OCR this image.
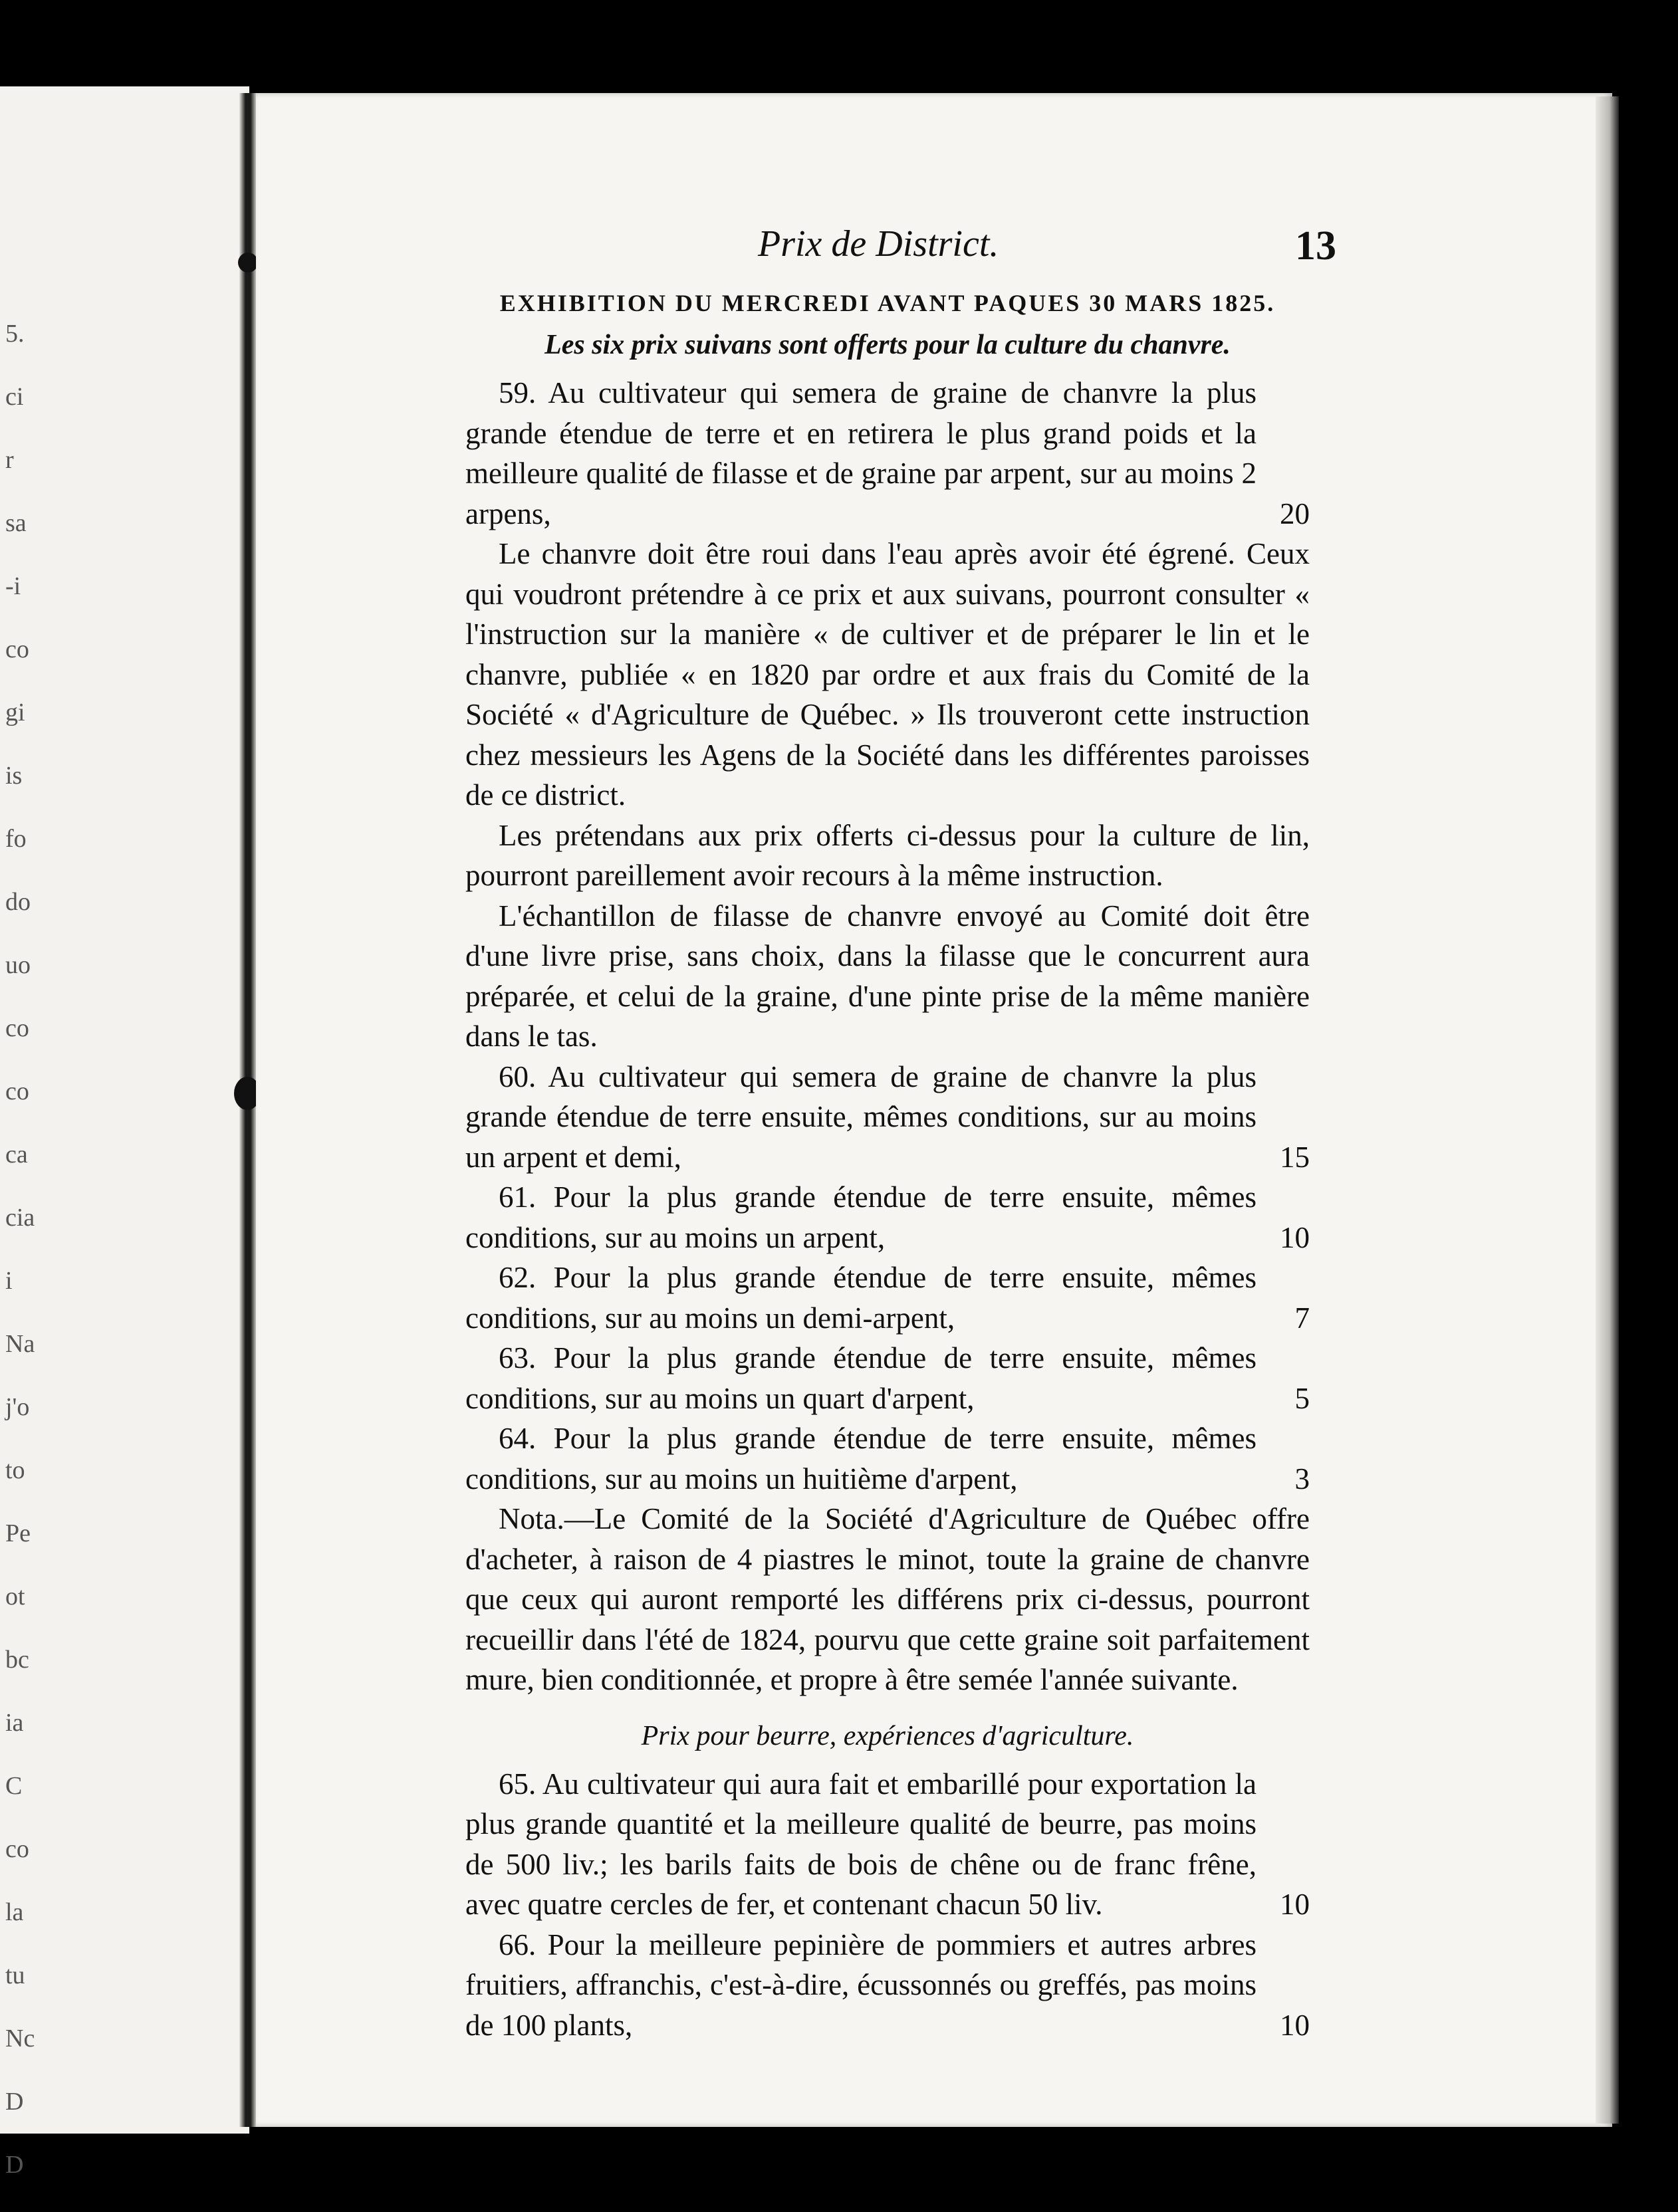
5.
ci
r
sa
-i
co
gi
is
fo
do
uo
co
co
ca
cia
i
Na
j'o
to
Pe
ot
bc
ia
C
co
la
tu
Nc
D
D
Prix de District.	13
EXHIBITION DU MERCREDI AVANT PAQUES 30 MARS 1825.
Les six prix suivans sont offerts pour la culture du chanvre.
59. Au cultivateur qui semera de graine de chanvre la plus grande étendue de terre et en retirera le plus grand poids et la meilleure qualité de filasse et de graine par arpent, sur au moins 2 arpens,	20

Le chanvre doit être roui dans l'eau après avoir été égrené. Ceux qui voudront prétendre à ce prix et aux suivans, pourront consulter « l'instruction sur la manière « de cultiver et de préparer le lin et le chanvre, publiée « en 1820 par ordre et aux frais du Comité de la Société « d'Agriculture de Québec. » Ils trouveront cette instruction chez messieurs les Agens de la Société dans les différentes paroisses de ce district.

Les prétendans aux prix offerts ci-dessus pour la culture de lin, pourront pareillement avoir recours à la même instruction.

L'échantillon de filasse de chanvre envoyé au Comité doit être d'une livre prise, sans choix, dans la filasse que le concurrent aura préparée, et celui de la graine, d'une pinte prise de la même manière dans le tas.

60. Au cultivateur qui semera de graine de chanvre la plus grande étendue de terre ensuite, mêmes conditions, sur au moins un arpent et demi,	15
61. Pour la plus grande étendue de terre ensuite, mêmes conditions, sur au moins un arpent,	10
62. Pour la plus grande étendue de terre ensuite, mêmes conditions, sur au moins un demi-arpent,	7
63. Pour la plus grande étendue de terre ensuite, mêmes conditions, sur au moins un quart d'arpent,	5
64. Pour la plus grande étendue de terre ensuite, mêmes conditions, sur au moins un huitième d'arpent,	3

Nota.—Le Comité de la Société d'Agriculture de Québec offre d'acheter, à raison de 4 piastres le minot, toute la graine de chanvre que ceux qui auront remporté les différens prix ci-dessus, pourront recueillir dans l'été de 1824, pourvu que cette graine soit parfaitement mure, bien conditionnée, et propre à être semée l'année suivante.

Prix pour beurre, expériences d'agriculture.
65. Au cultivateur qui aura fait et embarillé pour exportation la plus grande quantité et la meilleure qualité de beurre, pas moins de 500 liv.; les barils faits de bois de chêne ou de franc frêne, avec quatre cercles de fer, et contenant chacun 50 liv.	10
66. Pour la meilleure pepinière de pommiers et autres arbres fruitiers, affranchis, c'est-à-dire, écussonnés ou greffés, pas moins de 100 plants,	10
